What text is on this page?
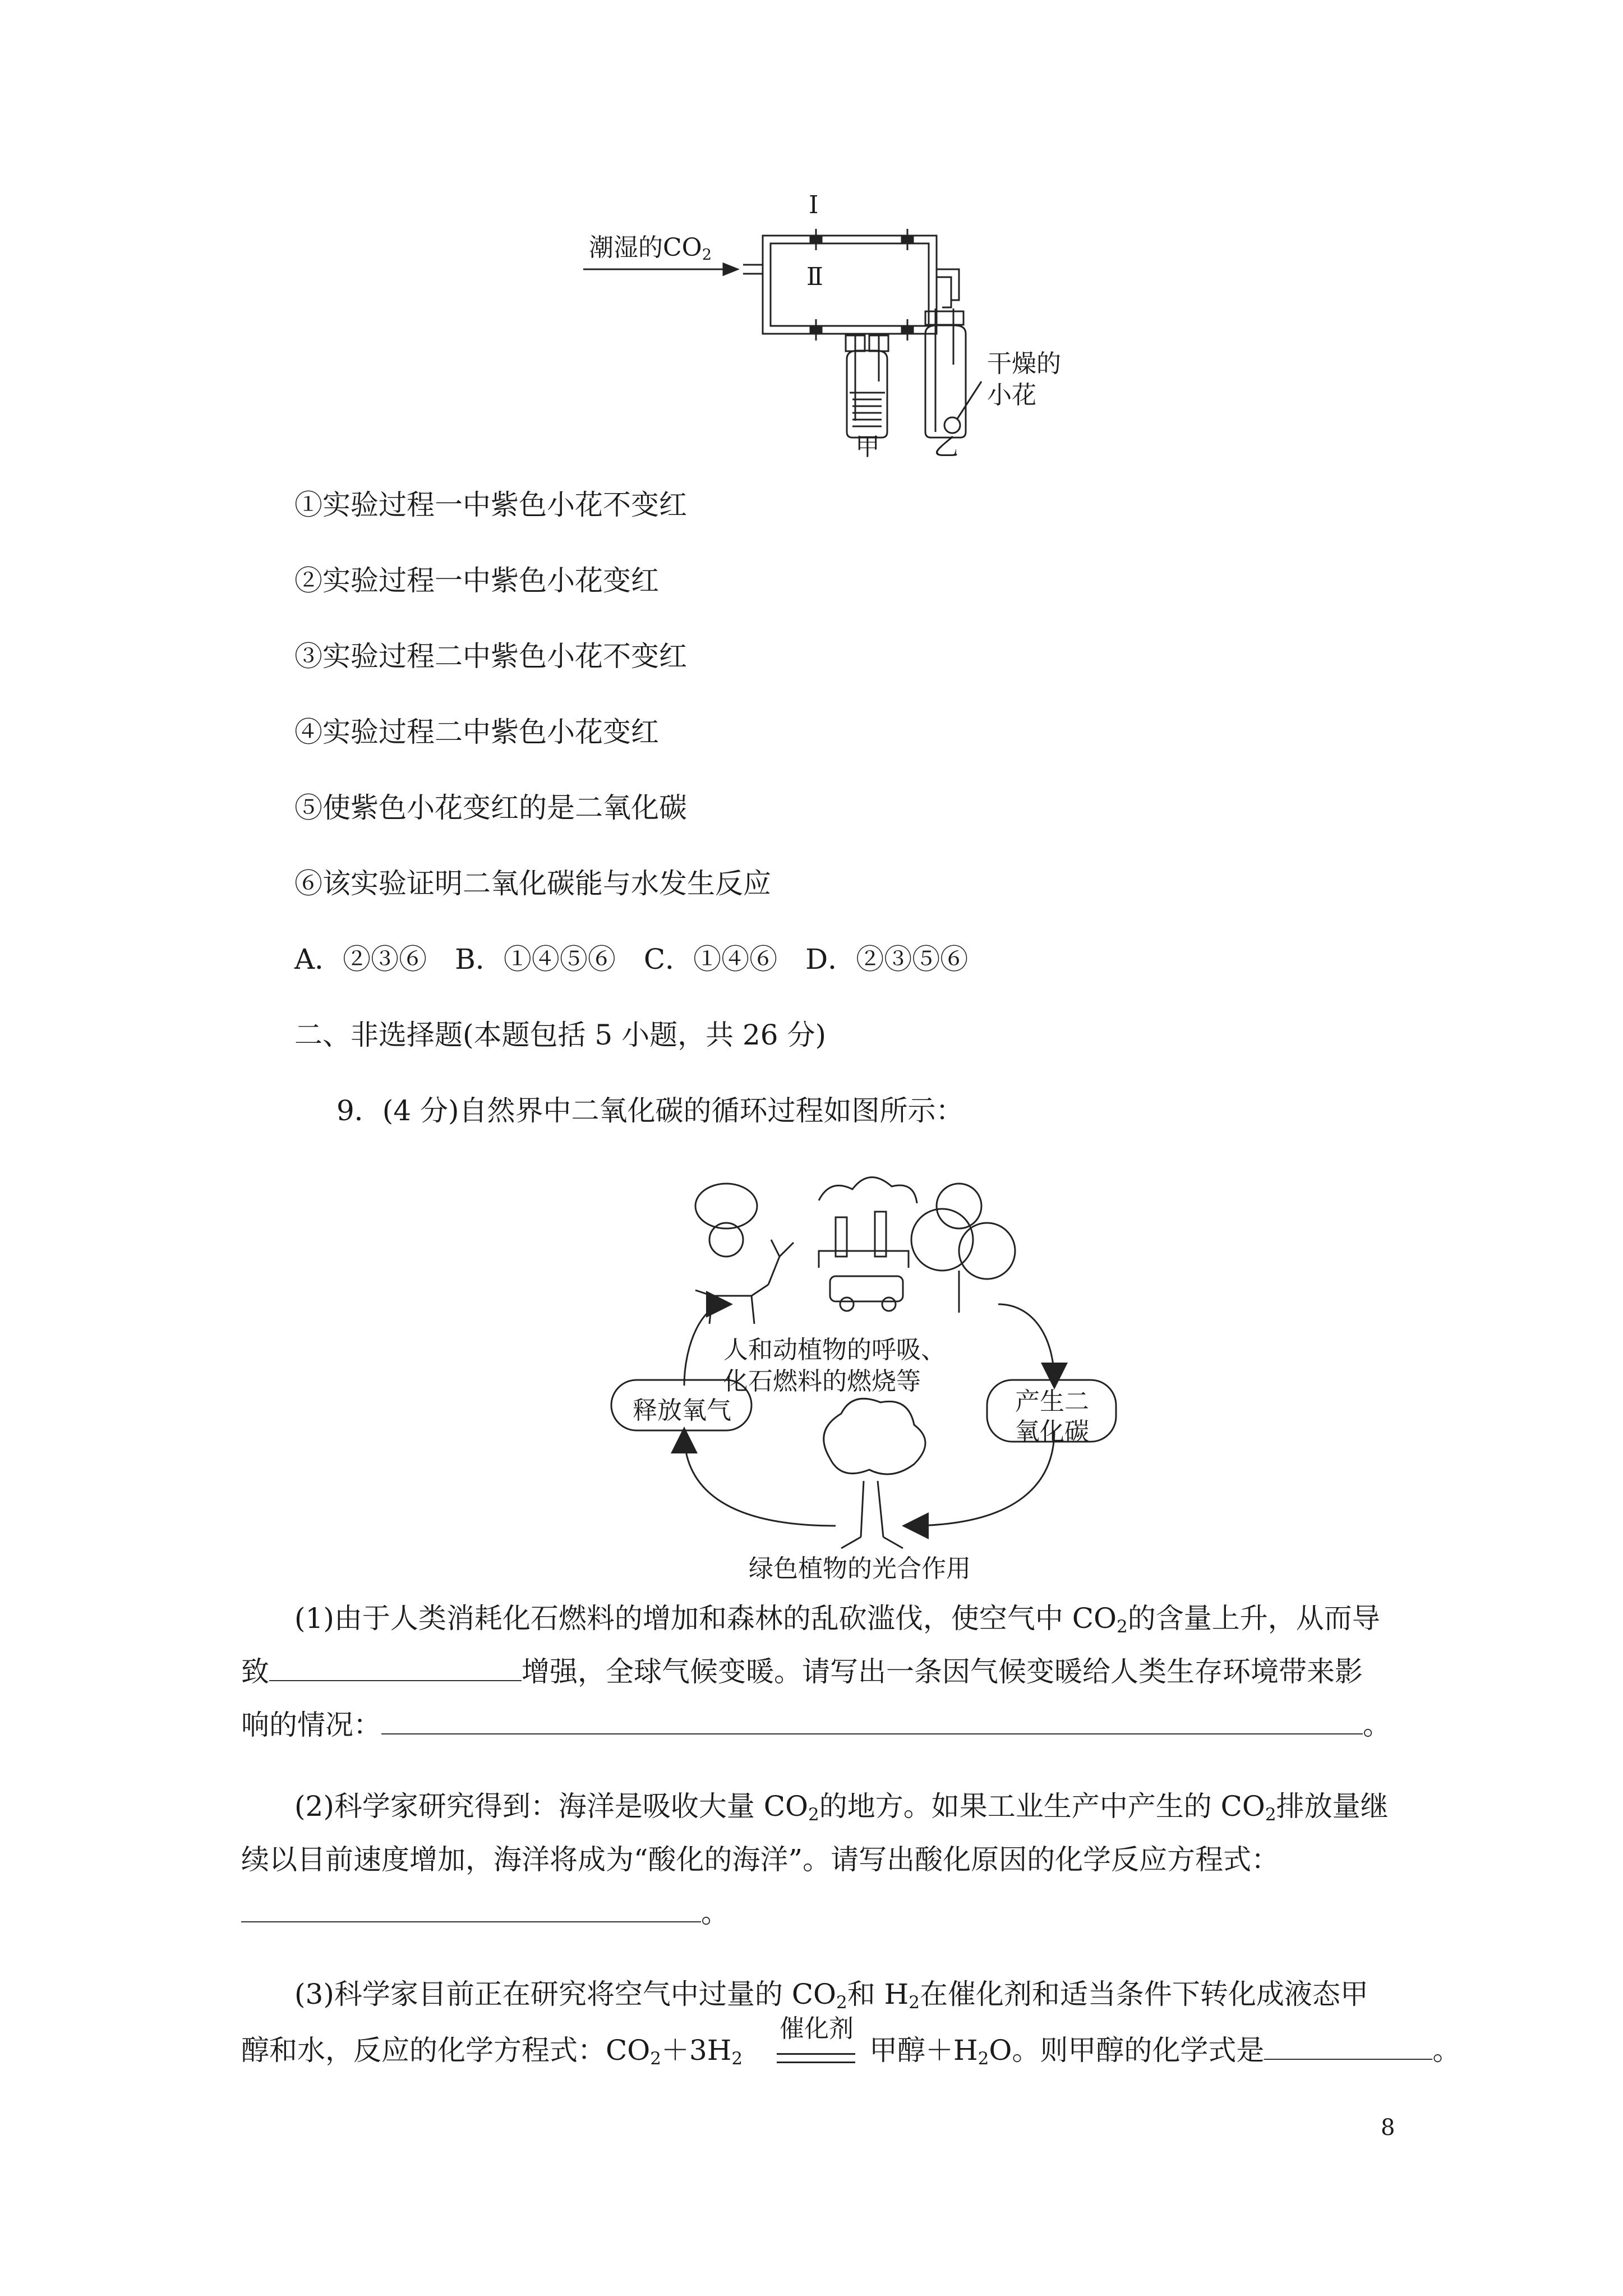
潮湿的$CO_2$
Ⅰ
Ⅱ
干燥的
小花
甲 乙
①实验过程一中紫色小花不变红
②实验过程一中紫色小花变红
③实验过程二中紫色小花不变红
④实验过程二中紫色小花变红
⑤使紫色小花变红的是二氧化碳
⑥该实验证明二氧化碳能与水发生反应
A．②③⑥　B．①④⑤⑥　C．①④⑥　D．②③⑤⑥
二、非选择题(本题包括 5 小题，共 26 分)
9．(4 分)自然界中二氧化碳的循环过程如图所示：
人和动植物的呼吸、
化石燃料的燃烧等
释放氧气	产生二
氧化碳
绿色植物的光合作用
(1)由于人类消耗化石燃料的增加和森林的乱砍滥伐，使空气中 $CO_2$的含量上升，从而导
致	增强，全球气候变暖。请写出一条因气候变暖给人类生存环境带来影
响的情况：	。
(2)科学家研究得到：海洋是吸收大量 $CO_2$的地方。如果工业生产中产生的 $CO_2$排放量继
续以目前速度增加，海洋将成为“酸化的海洋”。请写出酸化原因的化学反应方程式：
。
(3)科学家目前正在研究将空气中过量的 $CO_2$和 $H_2$在催化剂和适当条件下转化成液态甲
催化剂
醇和水，反应的化学方程式：$CO_2+3H_2$	甲醇$+H_2O$。则甲醇的化学式是	。
8
